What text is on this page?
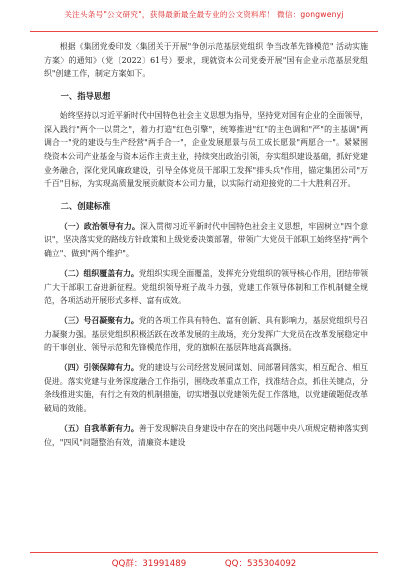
关注头条号"公文研究"，获得最新最全最专业的公文资料库！ 微信：gongwenyj

根据《集团党委印发〈集团关于开展"争创示范基层党组织 争当改革先锋模范" 活动实施方案〉的通知》（党〔2022〕61号）要求，现就资本公司党委开展"国有企业示范基层党组织"创建工作，制定方案如下。

一、指导思想

始终坚持以习近平新时代中国特色社会主义思想为指导，坚持党对国有企业的全面领导，深入践行"两个一以贯之"，着力打造"红色引擎"，统筹推进"红"的主色调和"严"的主基调"两调合一"党的建设与生产经营"两手合一"，企业发展愿景与员工成长愿景"两愿合一"。紧紧围绕资本公司产业基金与资本运作主责主业，持续突出政治引领，夯实组织建设基础，抓好党建业务融合，深化党风廉政建设，引导全体党员干部职工发挥"排头兵"作用，锚定集团公司"万千百"目标，为实现高质量发展贡献资本公司力量，以实际行动迎接党的二十大胜利召开。

二、创建标准

（一）政治领导有力。深入贯彻习近平新时代中国特色社会主义思想，牢固树立"四个意识"，坚决落实党的路线方针政策和上级党委决策部署，带领广大党员干部职工始终坚持"两个确立"、做到"两个维护"。

（二）组织覆盖有力。党组织实现全面覆盖，发挥充分党组织的领导核心作用，团结带领广大干部职工奋进新征程。党组织领导班子战斗力强，党建工作领导体制和工作机制健全规范，各项活动开展形式多样、富有成效。

（三）号召凝聚有力。党的各项工作具有特色、富有创新、具有影响力，基层党组织号召力凝聚力强。基层党组织积极活跃在改革发展的主战场，充分发挥广大党员在改革发展稳定中的干事创业、领导示范和先锋模范作用，党的旗帜在基层阵地高高飘扬。

（四）引领保障有力。党的建设与公司经营发展同谋划、同部署同落实，相互配合、相互促进。落实党建与业务深度融合工作指引，围绕改革重点工作，找准结合点，抓住关键点，分条线推进实施，有行之有效的机制措施，切实增强以党建领先促工作落地，以党建破题促改革破局的效能。

（五）自我革新有力。善于发现解决自身建设中存在的突出问题中央八项规定精神落实到位，"四风"问题整治有效，清廉资本建设

QQ群：31991489	QQ：535304092
